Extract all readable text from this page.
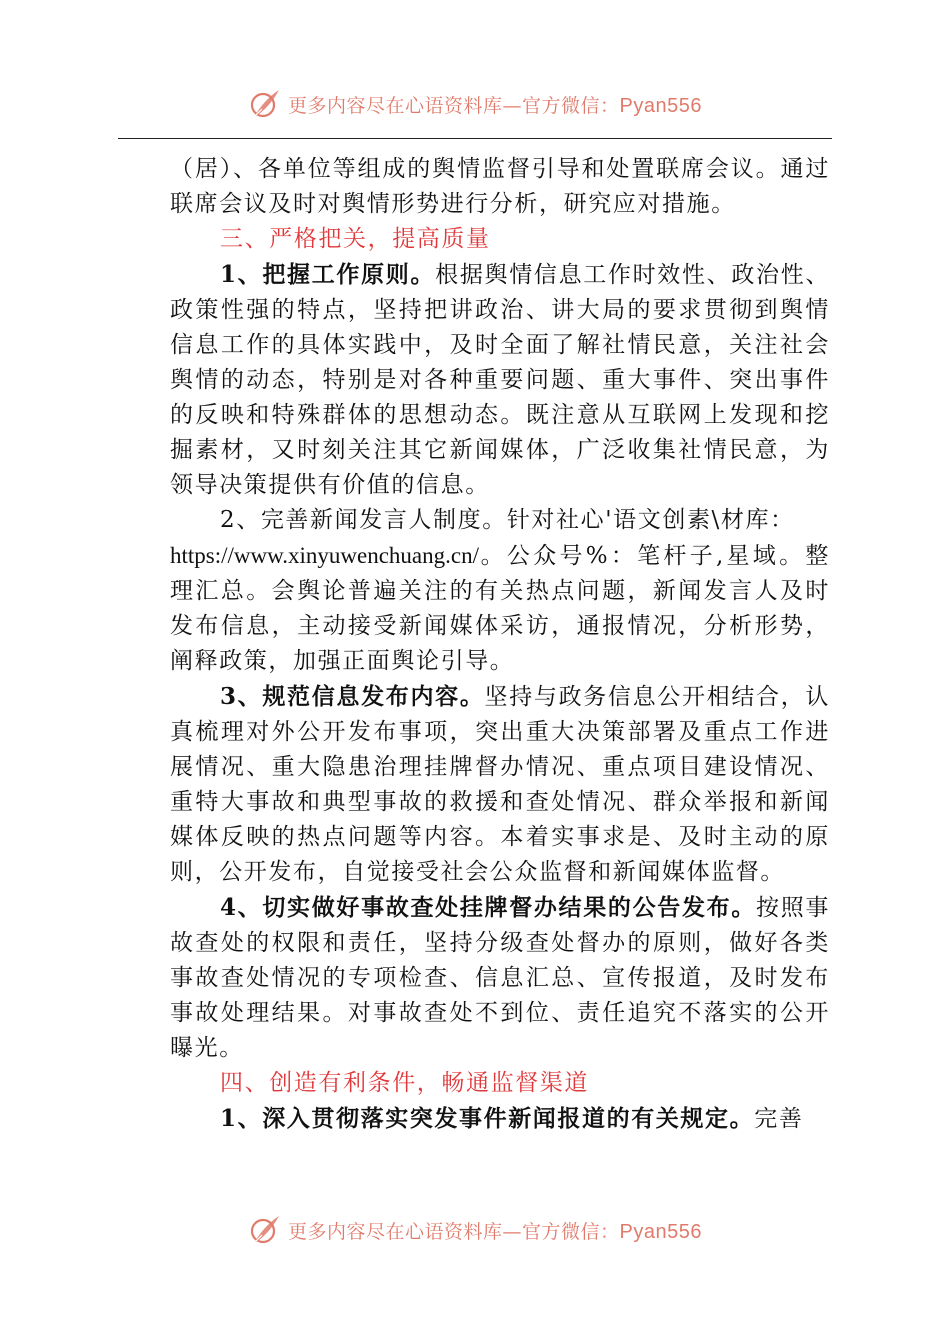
更多内容尽在心语资料库—官方微信：Pyan556

（居）、各单位等组成的舆情监督引导和处置联席会议。通过联席会议及时对舆情形势进行分析，研究应对措施。

三、严格把关，提高质量

1、把握工作原则。根据舆情信息工作时效性、政治性、政策性强的特点，坚持把讲政治、讲大局的要求贯彻到舆情信息工作的具体实践中，及时全面了解社情民意，关注社会舆情的动态，特别是对各种重要问题、重大事件、突出事件的反映和特殊群体的思想动态。既注意从互联网上发现和挖掘素材，又时刻关注其它新闻媒体，广泛收集社情民意，为领导决策提供有价值的信息。

2、完善新闻发言人制度。针对社心'语文创素\材库：
https://www.xinyuwenchuang.cn/。公众号%：笔杆子,星域。整理汇总。会舆论普遍关注的有关热点问题，新闻发言人及时发布信息，主动接受新闻媒体采访，通报情况，分析形势，阐释政策，加强正面舆论引导。

3、规范信息发布内容。坚持与政务信息公开相结合，认真梳理对外公开发布事项，突出重大决策部署及重点工作进展情况、重大隐患治理挂牌督办情况、重点项目建设情况、重特大事故和典型事故的救援和查处情况、群众举报和新闻媒体反映的热点问题等内容。本着实事求是、及时主动的原则，公开发布，自觉接受社会公众监督和新闻媒体监督。

4、切实做好事故查处挂牌督办结果的公告发布。按照事故查处的权限和责任，坚持分级查处督办的原则，做好各类事故查处情况的专项检查、信息汇总、宣传报道，及时发布事故处理结果。对事故查处不到位、责任追究不落实的公开曝光。

四、创造有利条件，畅通监督渠道

1、深入贯彻落实突发事件新闻报道的有关规定。完善

更多内容尽在心语资料库—官方微信：Pyan556
